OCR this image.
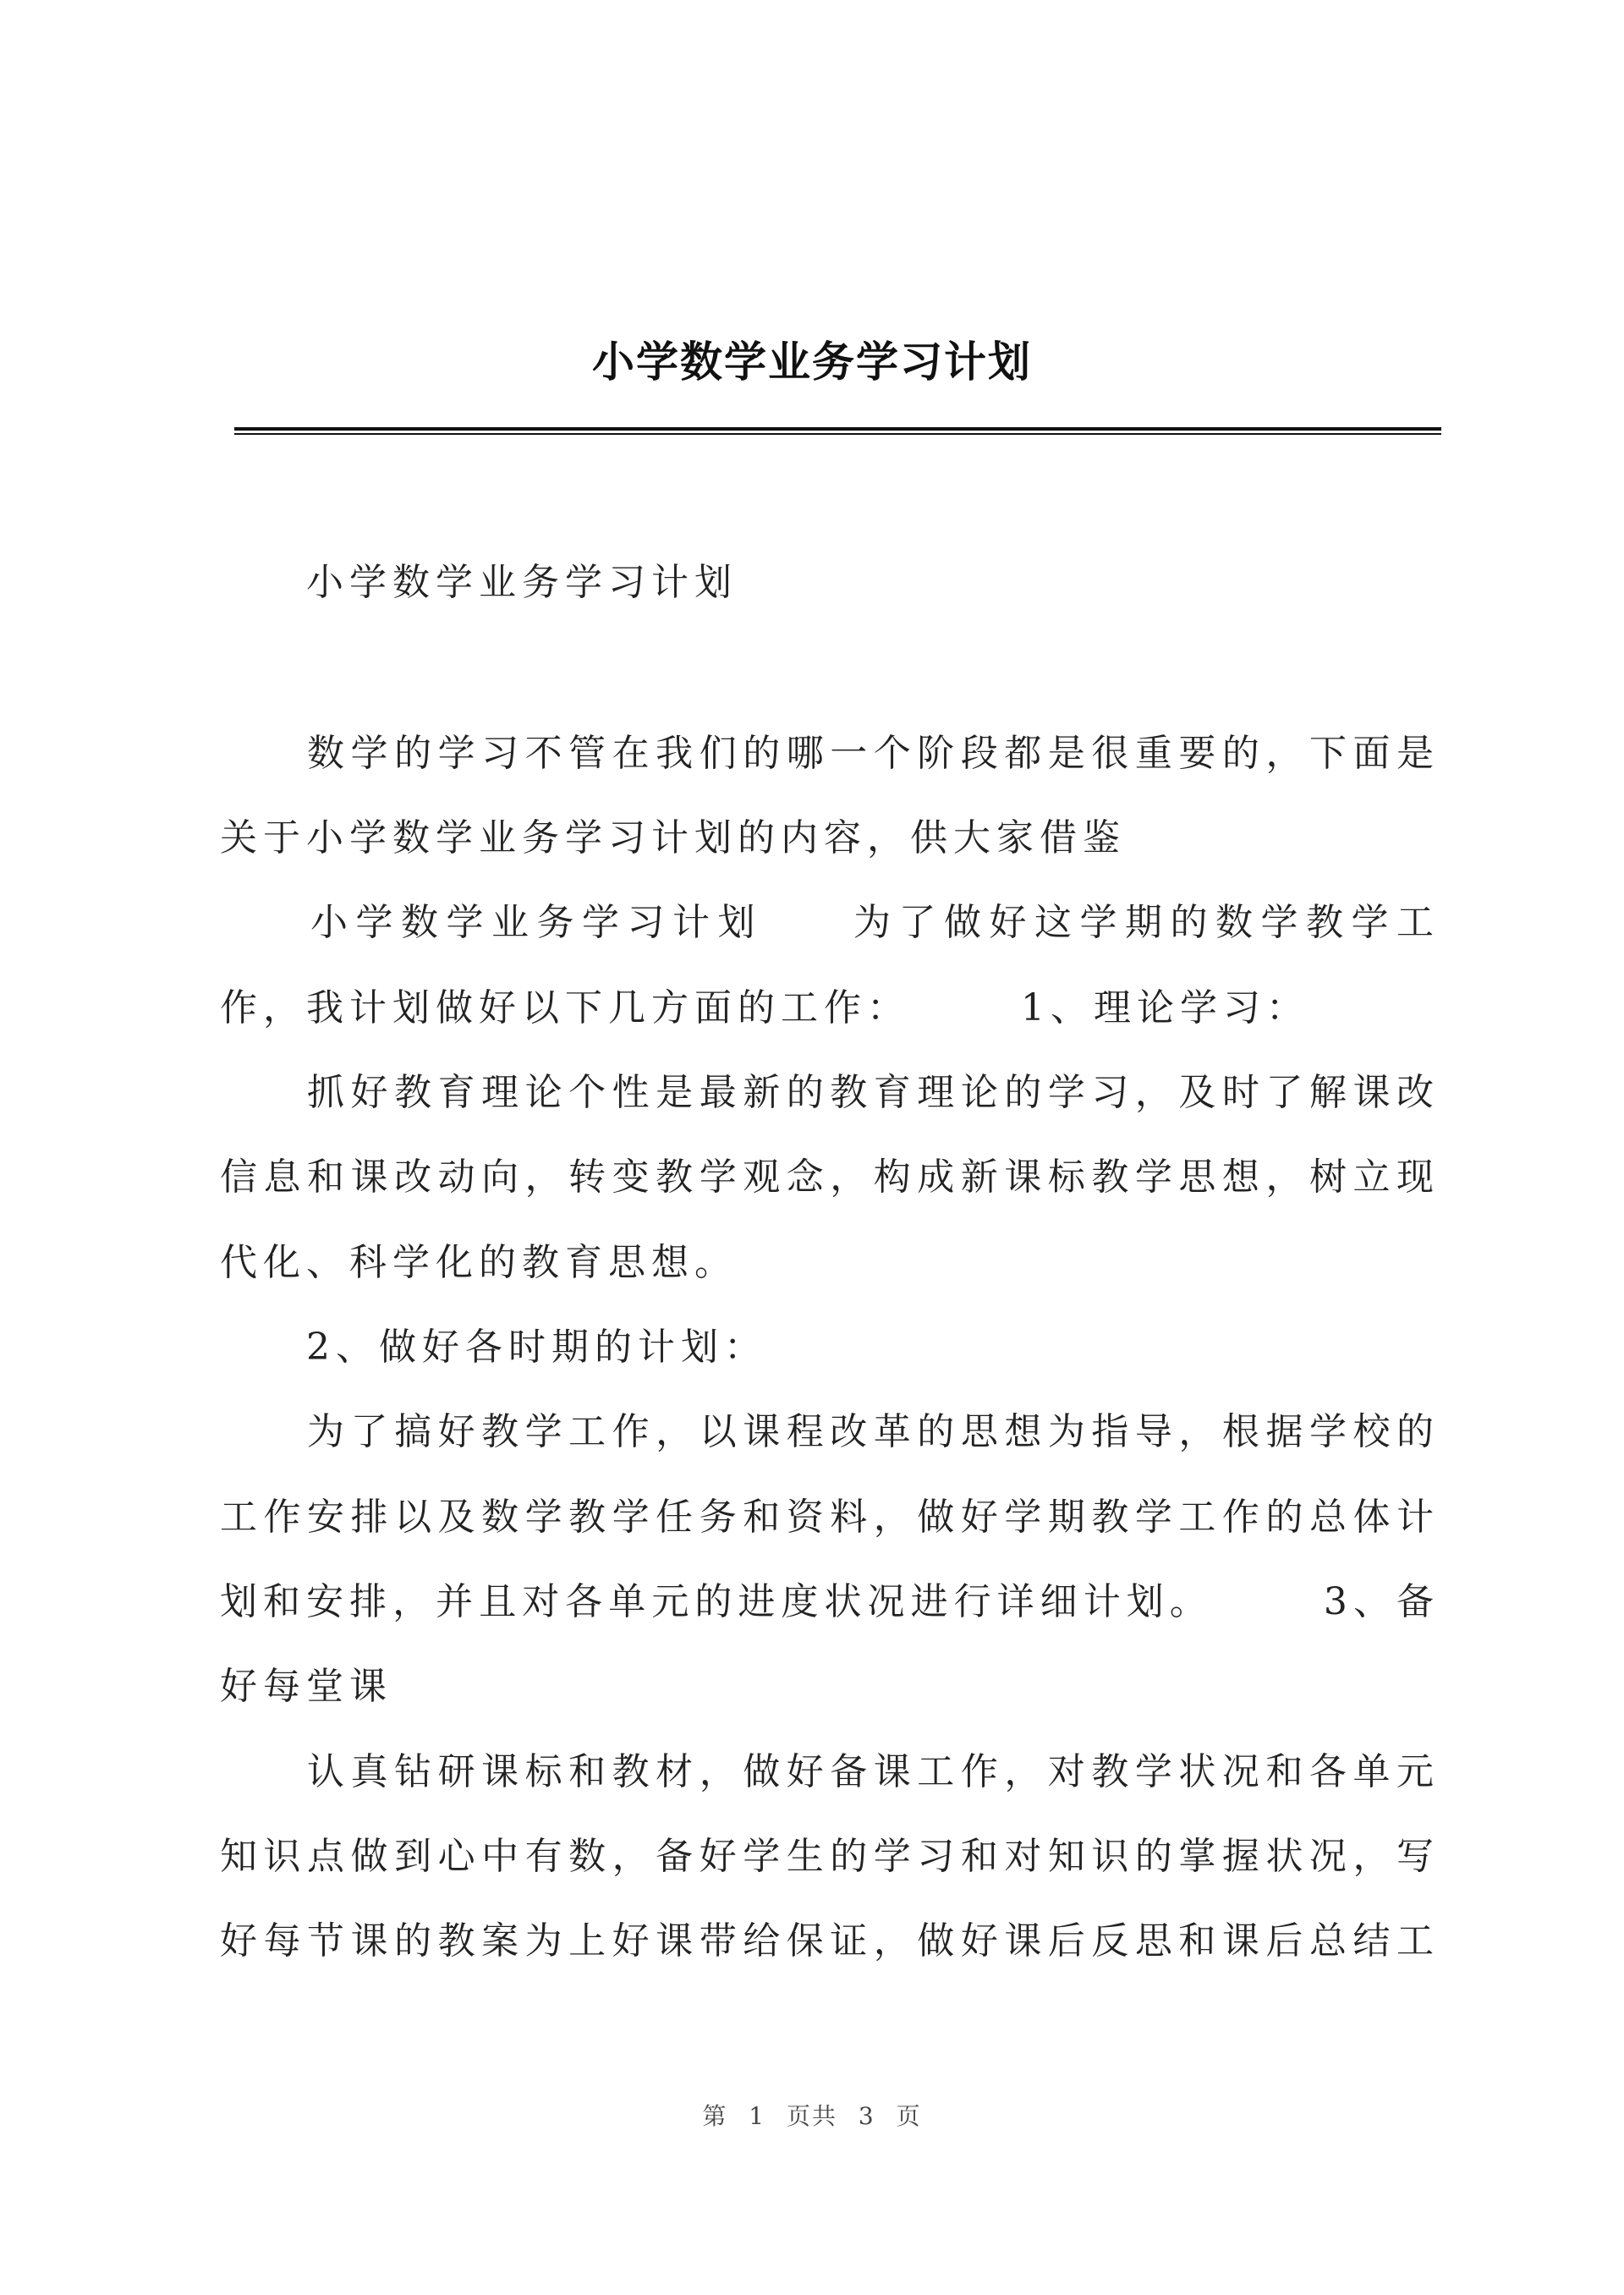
小学数学业务学习计划
　　小学数学业务学习计划
　　数学的学习不管在我们的哪一个阶段都是很重要的，下面是
关于小学数学业务学习计划的内容，供大家借鉴
　　小学数学业务学习计划　　为了做好这学期的数学教学工
作，我计划做好以下几方面的工作：　　　1、理论学习：
　　抓好教育理论个性是最新的教育理论的学习，及时了解课改
信息和课改动向，转变教学观念，构成新课标教学思想，树立现
代化、科学化的教育思想。
　　2、做好各时期的计划：
　　为了搞好教学工作，以课程改革的思想为指导，根据学校的
工作安排以及数学教学任务和资料，做好学期教学工作的总体计
划和安排，并且对各单元的进度状况进行详细计划。　　　3、备
好每堂课
　　认真钻研课标和教材，做好备课工作，对教学状况和各单元
知识点做到心中有数，备好学生的学习和对知识的掌握状况，写
好每节课的教案为上好课带给保证，做好课后反思和课后总结工
第 1 页共 3 页
